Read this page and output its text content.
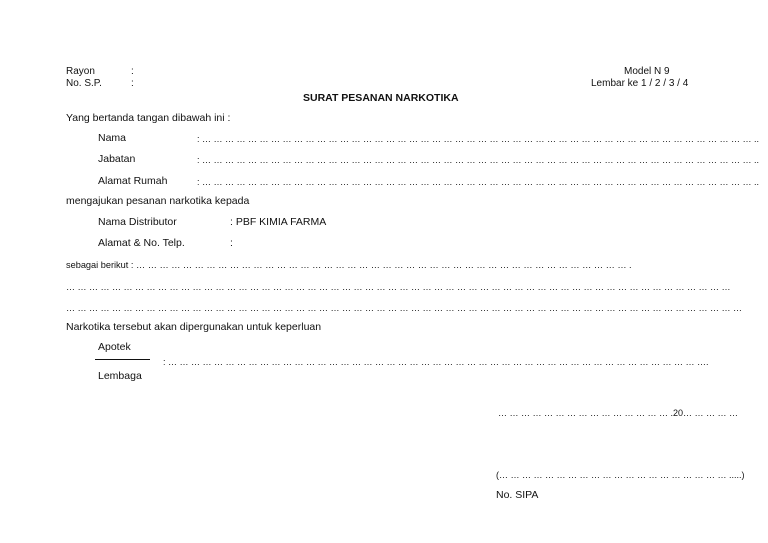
Rayon	:
No. S.P.	:
Model N 9
Lembar ke 1 / 2 / 3 / 4
SURAT PESANAN NARKOTIKA
Yang bertanda tangan dibawah ini :
Nama	: … … … … … … … … … … … … … … … … … … … … … … … … … … … … … … … … … … … … … … … … … … … … … … … … ..
Jabatan	: … … … … … … … … … … … … … … … … … … … … … … … … … … … … … … … … … … … … … … … … … … … … … … … … ..
Alamat Rumah	: … … … … … … … … … … … … … … … … … … … … … … … … … … … … … … … … … … … … … … … … … … … … … … … … ..
mengajukan pesanan narkotika kepada
Nama Distributor	: PBF KIMIA FARMA
Alamat & No. Telp.	:
sebagai berikut : … … … … … … … … … … … … … … … … … … … … … … … … … … … … … … … … … … … … … … … … … … .
… … … … … … … … … … … … … … … … … … … … … … … … … … … … … … … … … … … … … … … … … … … … … … … … … … … … … … … … … …
… … … … … … … … … … … … … … … … … … … … … … … … … … … … … … … … … … … … … … … … … … … … … … … … … … … … … … … … … … …
Narkotika tersebut akan dipergunakan untuk keperluan
Apotek
: … … … … … … … … … … … … … … … … … … … … … … … … … … … … … … … … … … … … … … … … … … … … … … ….
Lembaga
… … … … … … … … … … … … … … … .20… … … … …
(… … … … … … … … … … … … … … … … … … … … .....)
No. SIPA
